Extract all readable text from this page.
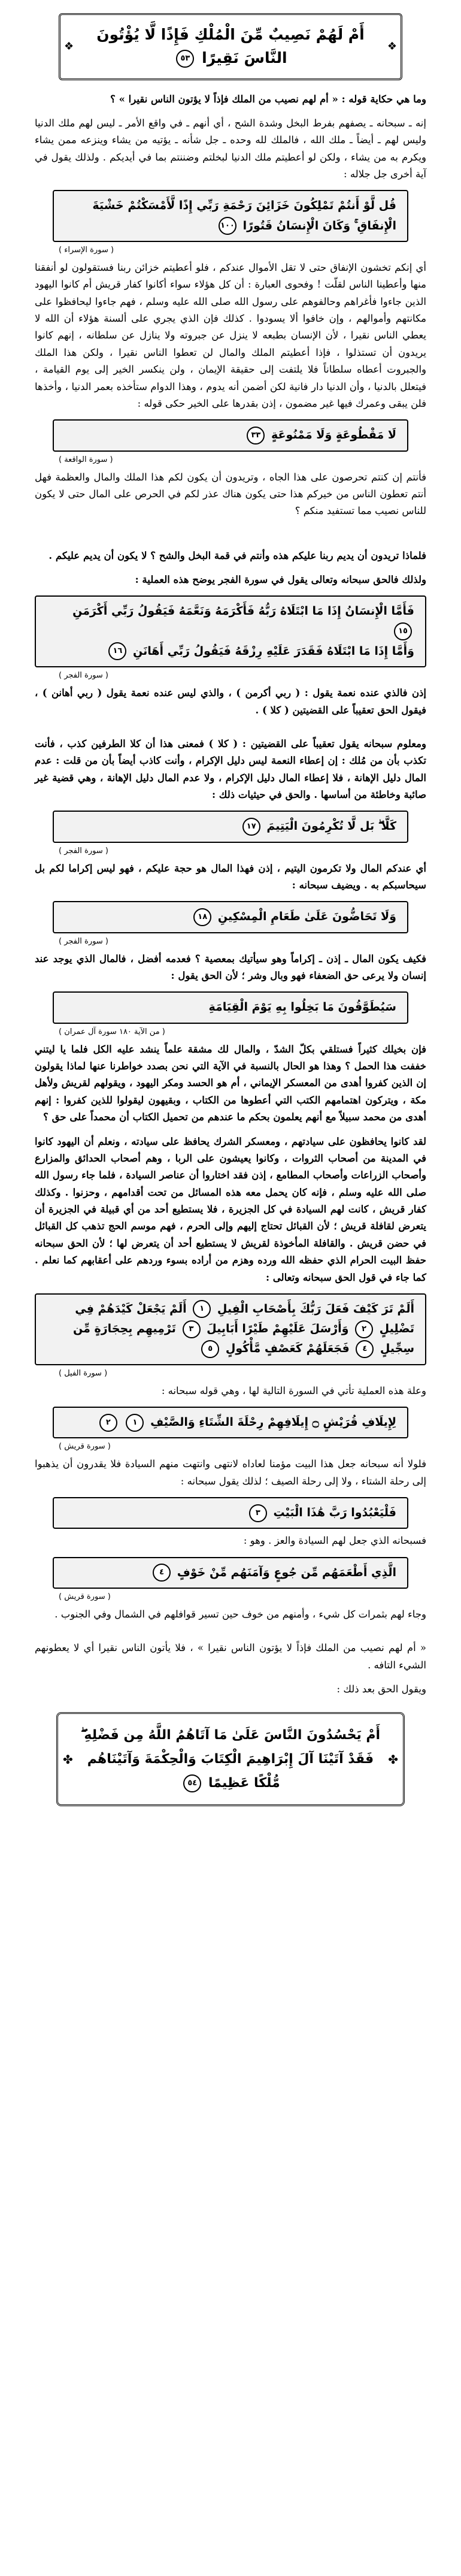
❖ أَمْ لَهُمْ نَصِيبٌ مِّنَ الْمُلْكِ فَإِذًا لَّا يُؤْتُونَ النَّاسَ نَقِيرًا ٥٣ ❖

وما هي حكاية قوله : « أم لهم نصيب من الملك فإذاً لا يؤتون الناس نقيرا » ؟

إنه ـ سبحانه ـ يصفهم بفرط البخل وشدة الشح ، أي أنهم ـ في واقع الأمر ـ ليس لهم ملك الدنيا وليس لهم ـ أيضاً ـ ملك الله ، فالملك لله وحده ـ جل شأنه ـ يؤتيه من يشاء وينزعه ممن يشاء ويكرم به من يشاء ، ولكن لو أعطيتم ملك الدنيا لبخلتم وضننتم بما في أيديكم . ولذلك يقول في آية أخرى جل جلاله :

قُل لَّوْ أَنتُمْ تَمْلِكُونَ خَزَائِنَ رَحْمَةِ رَبِّي إِذًا لَّأَمْسَكْتُمْ خَشْيَةَ الْإِنفَاقِ ۚ وَكَانَ الْإِنسَانُ قَتُورًا ١٠٠
( سورة الإسراء )

أي إنكم تخشون الإنفاق حتى لا تقل الأموال عندكم ، فلو أعطيتم خزائن ربنا فستقولون لو أنفقنا منها وأعطينا الناس لقلّت ! وفحوى العبارة : أن كل هؤلاء سواء أكانوا كفار قريش أم كانوا اليهود الذين جاءوا فأغراهم وحالفوهم على رسول الله صلى الله عليه وسلم ، فهم جاءوا ليحافظوا على مكانتهم وأموالهم ، وإن خافوا ألا يسودوا . كذلك فإن الذي يجري على ألسنة هؤلاء أن الله لا يعطي الناس نقيرا ، لأن الإنسان بطبعه لا ينزل عن جبروته ولا ينازل عن سلطانه ، إنهم كانوا يريدون أن تستذلوا ، فإذا أعطيتم الملك والمال لن تعطوا الناس نقيرا ، ولكن هذا الملك والجبروت أعطاه سلطاناً فلا يلتفت إلى حقيقة الإيمان ، ولن ينكسر الخير إلى يوم القيامة ، فيتعلل بالدنيا ، وأن الدنيا دار فانية لكن أضمن أنه يدوم ، وهذا الدوام ستأخذه بعمر الدنيا ، وأخذها فلن يبقى وعمرك فيها غير مضمون ، إذن بقدرها على الخير حكى قوله :

لَا مَقْطُوعَةٍ وَلَا مَمْنُوعَةٍ ٣٣
( سورة الواقعة )

فأنتم إن كنتم تحرصون على هذا الجاه ، وتريدون أن يكون لكم هذا الملك والمال والعظمة فهل أنتم تعطون الناس من خيركم هذا حتى يكون هناك عذر لكم في الحرص على المال حتى لا يكون للناس نصيب مما تستفيد منكم ؟

فلماذا تريدون أن يديم ربنا عليكم هذه وأنتم في قمة البخل والشح ؟ لا يكون أن يديم عليكم .

ولذلك فالحق سبحانه وتعالى يقول في سورة الفجر يوضح هذه العملية :

فَأَمَّا الْإِنسَانُ إِذَا مَا ابْتَلَاهُ رَبُّهُ فَأَكْرَمَهُ وَنَعَّمَهُ فَيَقُولُ رَبِّي أَكْرَمَنِ ١٥
وَأَمَّا إِذَا مَا ابْتَلَاهُ فَقَدَرَ عَلَيْهِ رِزْقَهُ فَيَقُولُ رَبِّي أَهَانَنِ ١٦
( سورة الفجر )

إذن فالذي عنده نعمة يقول : ( ربي أكرمن ) ، والذي ليس عنده نعمة يقول ( ربي أهانن ) ، فيقول الحق تعقيباً على القضيتين ( كلا ) .

ومعلوم سبحانه يقول تعقيباً على القضيتين : ( كلا ) فمعنى هذا أن كلا الطرفين كذب ، فأنت تكذب بأن من مُلك : إن إعطاء النعمة ليس دليل الإكرام ، وأنت كاذب أيضاً بأن من قلت : عدم المال دليل الإهانة ، فلا إعطاء المال دليل الإكرام ، ولا عدم المال دليل الإهانة ، وهي قضية غير صائبة وخاطئة من أساسها . والحق في حيثيات ذلك :

كَلَّا ۖ بَل لَّا تُكْرِمُونَ الْيَتِيمَ ١٧
( سورة الفجر )

أي عندكم المال ولا تكرمون اليتيم ، إذن فهذا المال هو حجة عليكم ، فهو ليس إكراما لكم بل سيحاسبكم به . ويضيف سبحانه :

وَلَا تَحَاضُّونَ عَلَىٰ طَعَامِ الْمِسْكِينِ ١٨
( سورة الفجر )

فكيف يكون المال ـ إذن ـ إكراماً وهو سيأتيك بمعصية ؟ فعدمه أفضل ، فالمال الذي يوجد عند إنسان ولا يرعى حق الضعفاء فهو وبال وشر ؛ لأن الحق يقول :

سَيُطَوَّقُونَ مَا بَخِلُوا بِهِ يَوْمَ الْقِيَامَةِ
( من الآية ١٨٠ سورة آل عمران )

فإن بخيلك كثيراً فستلقي بكلّ الشدّ ، والمال لك مشقة علماً ينشد عليه الكل فلما يا ليتني خففت هذا الحمل ؟ وهذا هو الحال بالنسبة في الآية التي نحن بصدد خواطرنا عنها لماذا يقولون إن الذين كفروا أهدى من المعسكر الإيماني ، أم هو الحسد ومكر اليهود ، ويقولهم لقريش ولأهل مكة ، ويتركون اهتمامهم الكتب التي أعطوها من الكتاب ، وبقيهون ليقولوا للذين كفروا : إنهم أهدى من محمد سبيلاً مع أنهم يعلمون بحكم ما عندهم من تحميل الكتاب أن محمداً على حق ؟

لقد كانوا يحافظون على سيادتهم ، ومعسكر الشرك يحافظ على سيادته ، ونعلم أن اليهود كانوا في المدينة من أصحاب الثروات ، وكانوا يعيشون على الربا ، وهم أصحاب الحدائق والمزارع وأصحاب الزراعات وأصحاب المطامع ، إذن فقد اختاروا أن عناصر السيادة ، فلما جاء رسول الله صلى الله عليه وسلم ، فإنه كان يحمل معه هذه المسائل من تحت أقدامهم ، وحزنوا . وكذلك كفار قريش ، كانت لهم السيادة في كل الجزيرة ، فلا يستطيع أحد من أي قبيلة في الجزيرة أن يتعرض لقافلة قريش ؛ لأن القبائل تحتاج إليهم وإلى الحرم ، فهم موسم الحج تذهب كل القبائل في حضن قريش . والقافلة المأخوذة لقريش لا يستطيع أحد أن يتعرض لها ؛ لأن الحق سبحانه حفظ البيت الحرام الذي حفظه الله ورده وهزم من أراده بسوء وردهم على أعقابهم كما نعلم . كما جاء في قول الحق سبحانه وتعالى :

أَلَمْ تَرَ كَيْفَ فَعَلَ رَبُّكَ بِأَصْحَابِ الْفِيلِ ١ أَلَمْ يَجْعَلْ كَيْدَهُمْ فِي تَضْلِيلٍ ٢ وَأَرْسَلَ عَلَيْهِمْ طَيْرًا أَبَابِيلَ ٣ تَرْمِيهِم بِحِجَارَةٍ مِّن سِجِّيلٍ ٤ فَجَعَلَهُمْ كَعَصْفٍ مَّأْكُولٍ ٥
( سورة الفيل )

وعلة هذه العملية تأتي في السورة التالية لها ، وهي قوله سبحانه :

لِإِيلَافِ قُرَيْشٍ ۝ إِيلَافِهِمْ رِحْلَةَ الشِّتَاءِ وَالصَّيْفِ ١ ٢
( سورة قريش )

فلولا أنه سبحانه جعل هذا البيت مؤمنا لعاداه لانتهى وانتهت منهم السيادة فلا يقدرون أن يذهبوا إلى رحلة الشتاء ، ولا إلى رحلة الصيف ؛ لذلك يقول سبحانه :

فَلْيَعْبُدُوا رَبَّ هَٰذَا الْبَيْتِ ٣

فسبحانه الذي جعل لهم السيادة والعز . وهو :

الَّذِي أَطْعَمَهُم مِّن جُوعٍ وَآمَنَهُم مِّنْ خَوْفٍ ٤
( سورة قريش )

وجاء لهم بثمرات كل شيء ، وأمنهم من خوف حين تسير قوافلهم في الشمال وفي الجنوب .

« أم لهم نصيب من الملك فإذاً لا يؤتون الناس نقيرا » ، فلا يأتون الناس نقيرا أي لا يعطونهم الشيء التافه .

ويقول الحق بعد ذلك :

✤ أَمْ يَحْسُدُونَ النَّاسَ عَلَىٰ مَا آتَاهُمُ اللَّهُ مِن فَضْلِهِ ۖ فَقَدْ آتَيْنَا آلَ إِبْرَاهِيمَ الْكِتَابَ وَالْحِكْمَةَ وَآتَيْنَاهُم مُّلْكًا عَظِيمًا ٥٤ ✤
